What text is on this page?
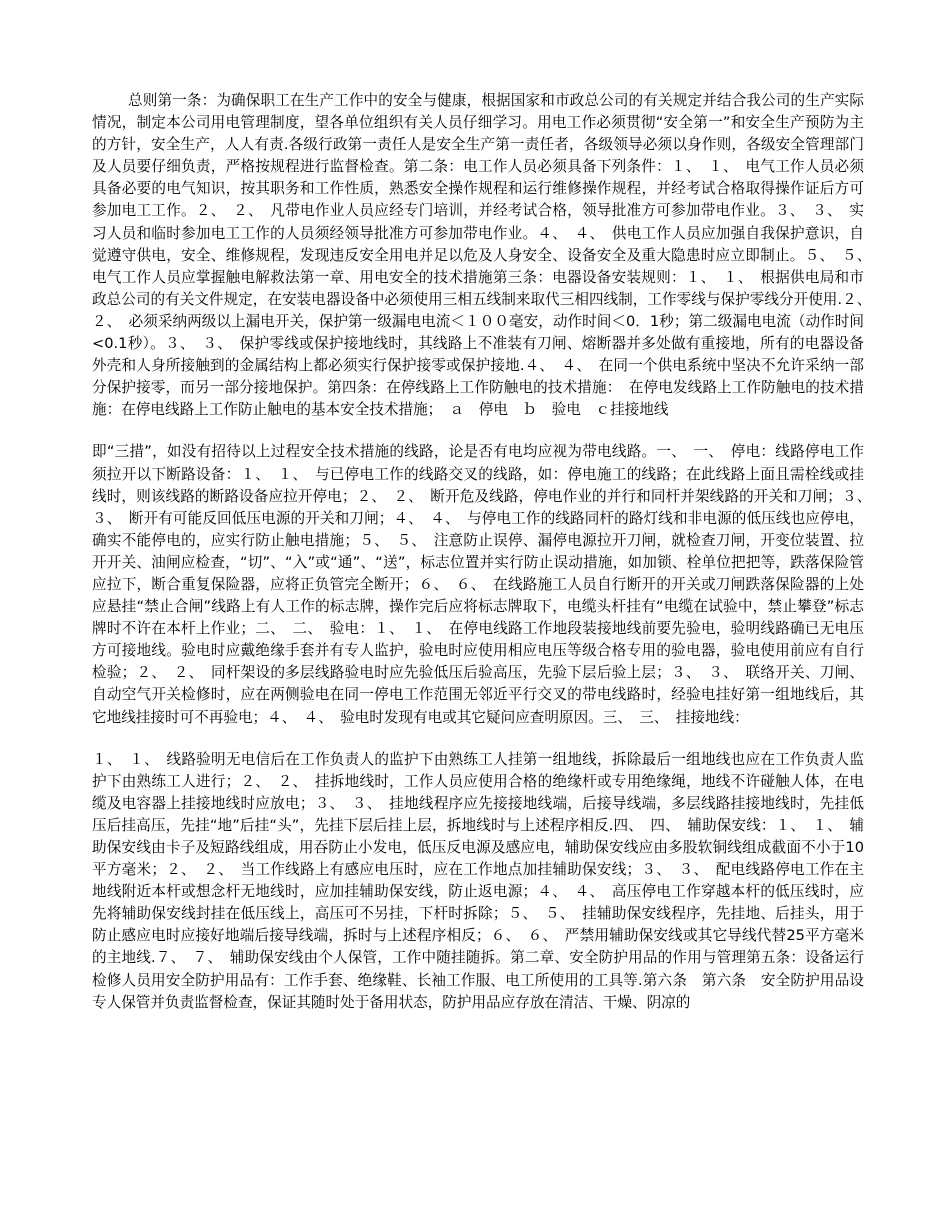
总则第一条：为确保职工在生产工作中的安全与健康，根据国家和市政总公司的有关规定并结合我公司的生产实际情况，制定本公司用电管理制度，望各单位组织有关人员仔细学习。用电工作必须贯彻“安全第一”和安全生产预防为主的方针，安全生产，人人有责.各级行政第一责任人是安全生产第一责任者，各级领导必须以身作则，各级安全管理部门及人员要仔细负责，严格按规程进行监督检查。第二条：电工作人员必须具备下列条件：１、　１、　电气工作人员必须具备必要的电气知识，按其职务和工作性质，熟悉安全操作规程和运行维修操作规程，并经考试合格取得操作证后方可参加电工工作。２、　２、　凡带电作业人员应经专门培训，并经考试合格，领导批准方可参加带电作业。３、　３、　实习人员和临时参加电工工作的人员须经领导批准方可参加带电作业。４、　４、　供电工作人员应加强自我保护意识，自觉遵守供电，安全、维修规程，发现违反安全用电并足以危及人身安全、设备安全及重大隐患时应立即制止。５、　５、　电气工作人员应掌握触电解救法第一章、用电安全的技术措施第三条：电器设备安装规则：１、　１、　根据供电局和市政总公司的有关文件规定，在安装电器设备中必须使用三相五线制来取代三相四线制，工作零线与保护零线分开使用.２、　２、　必须采纳两级以上漏电开关，保护第一级漏电电流＜１００毫安，动作时间＜0．1秒；第二级漏电电流（动作时间<0.1秒）。３、　３、　保护零线或保护接地线时，其线路上不准装有刀闸、熔断器并多处做有重接地，所有的电器设备外壳和人身所接触到的金属结构上都必须实行保护接零或保护接地.４、　４、　在同一个供电系统中坚决不允许采纳一部分保护接零，而另一部分接地保护。第四条：在停线路上工作防触电的技术措施：　在停电发线路上工作防触电的技术措施：在停电线路上工作防止触电的基本安全技术措施；　ａ　停电　ｂ　验电　ｃ挂接地线

即“三措”，如没有招待以上过程安全技术措施的线路，论是否有电均应视为带电线路。一、　一、　停电：线路停电工作须拉开以下断路设备：１、　１、　与已停电工作的线路交叉的线路，如：停电施工的线路；在此线路上面且需栓线或挂线时，则该线路的断路设备应拉开停电；２、　２、　断开危及线路，停电作业的并行和同杆并架线路的开关和刀闸；３、　３、　断开有可能反回低压电源的开关和刀闸；４、　４、　与停电工作的线路同杆的路灯线和非电源的低压线也应停电，确实不能停电的，应实行防止触电措施；５、　５、　注意防止误停、漏停电源拉开刀闸，就检查刀闸，开变位装置、拉开开关、油闸应检查，“切”、“入”或“通”、“送”，标志位置并实行防止误动措施，如加锁、栓单位把把等，跌落保险管应拉下，断合重复保险器，应将正负管完全断开；６、　６、　在线路施工人员自行断开的开关或刀闸跌落保险器的上处应悬挂“禁止合闸”线路上有人工作的标志牌，操作完后应将标志牌取下，电缆头杆挂有“电缆在试验中，禁止攀登”标志牌时不许在本杆上作业；二、　二、　验电：１、　１、　在停电线路工作地段装接地线前要先验电，验明线路确已无电压方可接地线。验电时应戴绝缘手套并有专人监护，验电时应使用相应电压等级合格专用的验电器，验电使用前应有自行检验；２、　２、　同杆架设的多层线路验电时应先验低压后验高压，先验下层后验上层；３、　３、　联络开关、刀闸、自动空气开关检修时，应在两侧验电在同一停电工作范围无邻近平行交叉的带电线路时，经验电挂好第一组地线后，其它地线挂接时可不再验电；４、　４、　验电时发现有电或其它疑问应查明原因。三、　三、　挂接地线：

１、　１、　线路验明无电信后在工作负责人的监护下由熟练工人挂第一组地线，拆除最后一组地线也应在工作负责人监护下由熟练工人进行；２、　２、　挂拆地线时，工作人员应使用合格的绝缘杆或专用绝缘绳，地线不许碰触人体，在电缆及电容器上挂接地线时应放电；３、　３、　挂地线程序应先接接地线端，后接导线端，多层线路挂接地线时，先挂低压后挂高压，先挂“地”后挂“头”，先挂下层后挂上层，拆地线时与上述程序相反.四、　四、　辅助保安线：１、　１、　辅助保安线由卡子及短路线组成，用吞防止小发电，低压反电源及感应电，辅助保安线应由多股软铜线组成截面不小于10平方毫米；２、　２、　当工作线路上有感应电压时，应在工作地点加挂辅助保安线；３、　３、　配电线路停电工作在主地线附近本杆或想念杆无地线时，应加挂辅助保安线，防止返电源；４、　４、　高压停电工作穿越本杆的低压线时，应先将辅助保安线封挂在低压线上，高压可不另挂，下杆时拆除；５、　５、　挂辅助保安线程序，先挂地、后挂头，用于防止感应电时应接好地端后接导线端，拆时与上述程序相反；６、　６、　严禁用辅助保安线或其它导线代替25平方毫米的主地线.７、　７、　辅助保安线由个人保管，工作中随挂随拆。第二章、安全防护用品的作用与管理第五条：设备运行检修人员用安全防护用品有：工作手套、绝缘鞋、长袖工作服、电工所使用的工具等.第六条　第六条　安全防护用品设专人保管并负责监督检查，保证其随时处于备用状态，防护用品应存放在清洁、干燥、阴凉的
